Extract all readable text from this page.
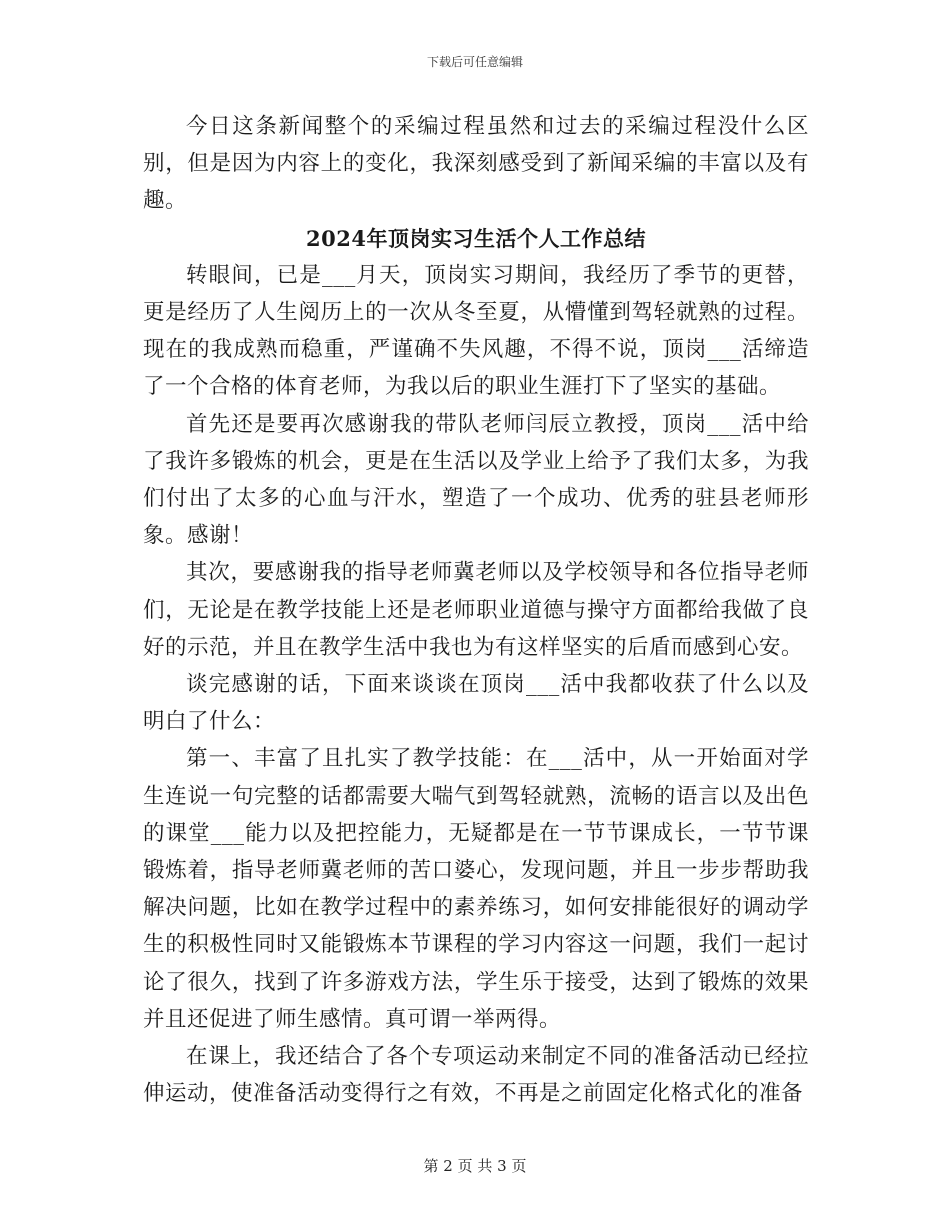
下载后可任意编辑

今日这条新闻整个的采编过程虽然和过去的采编过程没什么区别，但是因为内容上的变化，我深刻感受到了新闻采编的丰富以及有趣。

2024年顶岗实习生活个人工作总结

转眼间，已是___月天，顶岗实习期间，我经历了季节的更替，更是经历了人生阅历上的一次从冬至夏，从懵懂到驾轻就熟的过程。现在的我成熟而稳重，严谨确不失风趣，不得不说，顶岗___活缔造了一个合格的体育老师，为我以后的职业生涯打下了坚实的基础。

首先还是要再次感谢我的带队老师闫辰立教授，顶岗___活中给了我许多锻炼的机会，更是在生活以及学业上给予了我们太多，为我们付出了太多的心血与汗水，塑造了一个成功、优秀的驻县老师形象。感谢！

其次，要感谢我的指导老师冀老师以及学校领导和各位指导老师们，无论是在教学技能上还是老师职业道德与操守方面都给我做了良好的示范，并且在教学生活中我也为有这样坚实的后盾而感到心安。

谈完感谢的话，下面来谈谈在顶岗___活中我都收获了什么以及明白了什么：

第一、丰富了且扎实了教学技能：在___活中，从一开始面对学生连说一句完整的话都需要大喘气到驾轻就熟，流畅的语言以及出色的课堂___能力以及把控能力，无疑都是在一节节课成长，一节节课锻炼着，指导老师冀老师的苦口婆心，发现问题，并且一步步帮助我解决问题，比如在教学过程中的素养练习，如何安排能很好的调动学生的积极性同时又能锻炼本节课程的学习内容这一问题，我们一起讨论了很久，找到了许多游戏方法，学生乐于接受，达到了锻炼的效果并且还促进了师生感情。真可谓一举两得。

在课上，我还结合了各个专项运动来制定不同的准备活动已经拉伸运动，使准备活动变得行之有效，不再是之前固定化格式化的准备

第 2 页 共 3 页
